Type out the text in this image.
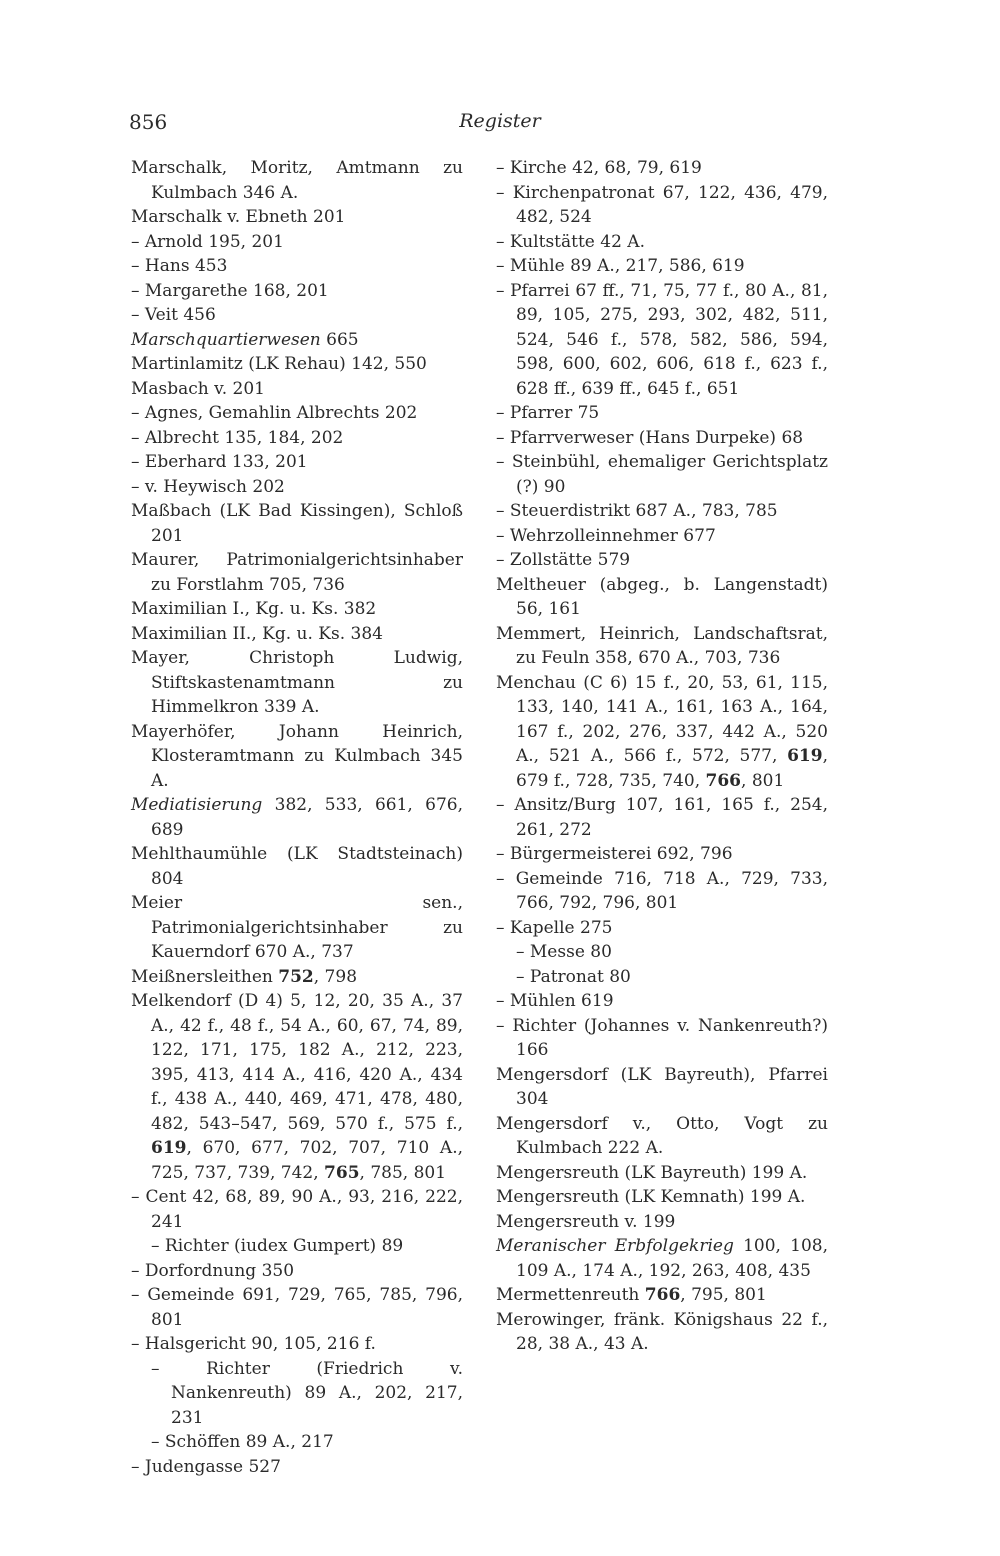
856	Register
Marschalk, Moritz, Amtmann zu Kulmbach 346 A.
Marschalk v. Ebneth 201
– Arnold 195, 201
– Hans 453
– Margarethe 168, 201
– Veit 456
Marschquartierwesen 665
Martinlamitz (LK Rehau) 142, 550
Masbach v. 201
– Agnes, Gemahlin Albrechts 202
– Albrecht 135, 184, 202
– Eberhard 133, 201
– v. Heywisch 202
Maßbach (LK Bad Kissingen), Schloß 201
Maurer, Patrimonialgerichtsinhaber zu Forstlahm 705, 736
Maximilian I., Kg. u. Ks. 382
Maximilian II., Kg. u. Ks. 384
Mayer, Christoph Ludwig, Stiftskastenamtmann zu Himmelkron 339 A.
Mayerhöfer, Johann Heinrich, Klosteramtmann zu Kulmbach 345 A.
Mediatisierung 382, 533, 661, 676, 689
Mehlthaumühle (LK Stadtsteinach) 804
Meier sen., Patrimonialgerichtsinhaber zu Kauerndorf 670 A., 737
Meißnersleithen 752, 798
Melkendorf (D 4) 5, 12, 20, 35 A., 37 A., 42 f., 48 f., 54 A., 60, 67, 74, 89, 122, 171, 175, 182 A., 212, 223, 395, 413, 414 A., 416, 420 A., 434 f., 438 A., 440, 469, 471, 478, 480, 482, 543–547, 569, 570 f., 575 f., 619, 670, 677, 702, 707, 710 A., 725, 737, 739, 742, 765, 785, 801
– Cent 42, 68, 89, 90 A., 93, 216, 222, 241
– Richter (iudex Gumpert) 89
– Dorfordnung 350
– Gemeinde 691, 729, 765, 785, 796, 801
– Halsgericht 90, 105, 216 f.
– Richter (Friedrich v. Nankenreuth) 89 A., 202, 217, 231
– Schöffen 89 A., 217
– Judengasse 527
– Kirche 42, 68, 79, 619
– Kirchenpatronat 67, 122, 436, 479, 482, 524
– Kultstätte 42 A.
– Mühle 89 A., 217, 586, 619
– Pfarrei 67 ff., 71, 75, 77 f., 80 A., 81, 89, 105, 275, 293, 302, 482, 511, 524, 546 f., 578, 582, 586, 594, 598, 600, 602, 606, 618 f., 623 f., 628 ff., 639 ff., 645 f., 651
– Pfarrer 75
– Pfarrverweser (Hans Durpeke) 68
– Steinbühl, ehemaliger Gerichtsplatz (?) 90
– Steuerdistrikt 687 A., 783, 785
– Wehrzolleinnehmer 677
– Zollstätte 579
Meltheuer (abgeg., b. Langenstadt) 56, 161
Memmert, Heinrich, Landschaftsrat, zu Feuln 358, 670 A., 703, 736
Menchau (C 6) 15 f., 20, 53, 61, 115, 133, 140, 141 A., 161, 163 A., 164, 167 f., 202, 276, 337, 442 A., 520 A., 521 A., 566 f., 572, 577, 619, 679 f., 728, 735, 740, 766, 801
– Ansitz/Burg 107, 161, 165 f., 254, 261, 272
– Bürgermeisterei 692, 796
– Gemeinde 716, 718 A., 729, 733, 766, 792, 796, 801
– Kapelle 275
– Messe 80
– Patronat 80
– Mühlen 619
– Richter (Johannes v. Nankenreuth?) 166
Mengersdorf (LK Bayreuth), Pfarrei 304
Mengersdorf v., Otto, Vogt zu Kulmbach 222 A.
Mengersreuth (LK Bayreuth) 199 A.
Mengersreuth (LK Kemnath) 199 A.
Mengersreuth v. 199
Meranischer Erbfolgekrieg 100, 108, 109 A., 174 A., 192, 263, 408, 435
Mermettenreuth 766, 795, 801
Merowinger, fränk. Königshaus 22 f., 28, 38 A., 43 A.
